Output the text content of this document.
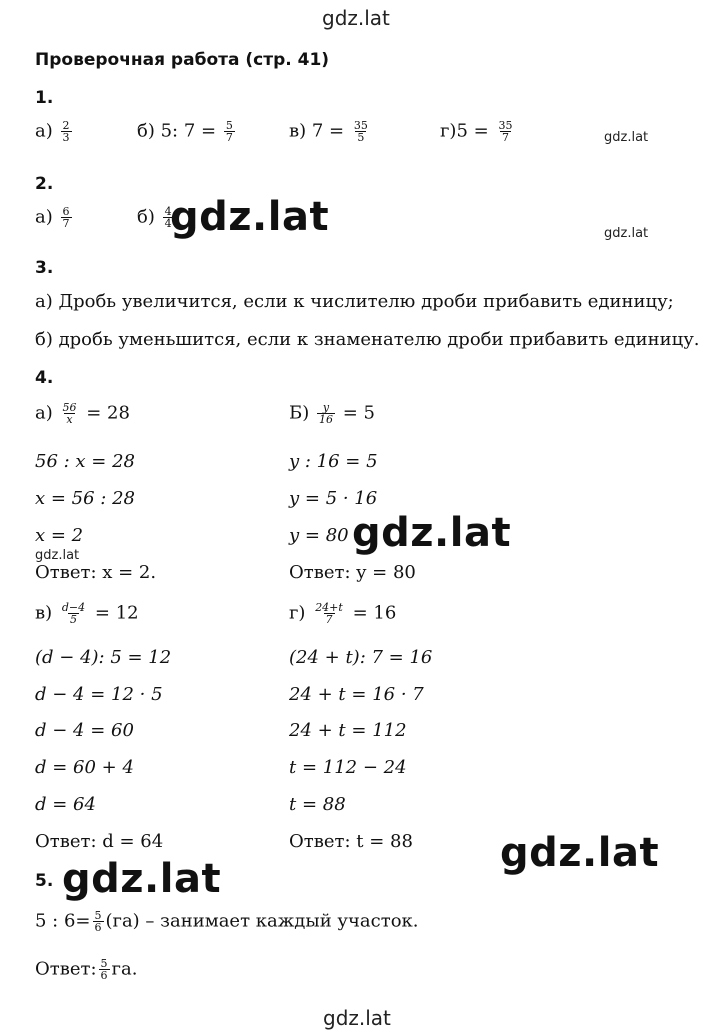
gdz.lat
gdz.lat
Проверочная работа (стр. 41)
1.
$а) \frac{2}{3}$	б) 5: $7 = \frac{5}{7}$	в) $7 = \frac{35}{5}$	$г)5 = \frac{35}{7}$	gdz.lat
2.
$а) \frac{6}{7}$	$б) \frac{4}{4}$
gdz.lat	gdz.lat
3.
а) Дробь увеличится, если к числителю дроби прибавить единицу;
б) дробь уменьшится, если к знаменателю дроби прибавить единицу.
4.
$а) \frac{56}{x} = 28$
56 : x = 28
x = 56 : 28
x = 2
gdz.lat
Ответ: x = 2.
$Б) \frac{y}{16} = 5$
y : 16 = 5
y = 5 · 16
y = 80
Ответ: y = 80
gdz.lat
$в) \frac{d-4}{5} = 12$
(d − 4): 5 = 12
d − 4 = 12 · 5
d − 4 = 60
d = 60 + 4
d = 64
Ответ: d = 64
$г) \frac{24+t}{7} = 16$
(24 + t): 7 = 16
24 + t = 16 · 7
24 + t = 112
t = 112 − 24
t = 88
Ответ: t = 88 gdz.lat
5. gdz.lat
5 : $6= \frac{5}{6} (га)$ – занимает каждый участок.
Ответ: $\frac{5}{6}$ га.
